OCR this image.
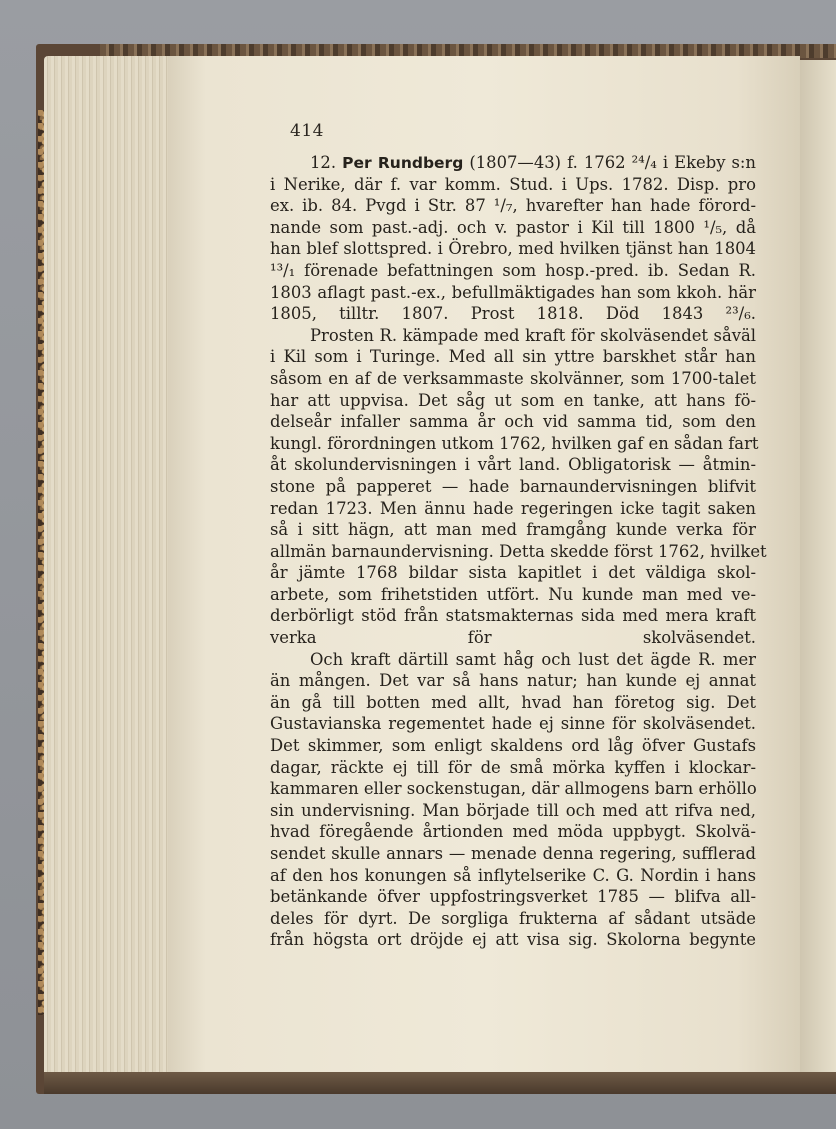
414
12. Per Rundberg (1807—43) f. 1762 ²⁴/₄ i Ekeby s:n
i Nerike, där f. var komm. Stud. i Ups. 1782. Disp. pro
ex. ib. 84. Pvgd i Str. 87 ¹/₇, hvarefter han hade förord-
nande som past.-adj. och v. pastor i Kil till 1800 ¹/₅, då
han blef slottspred. i Örebro, med hvilken tjänst han 1804
¹³/₁ förenade befattningen som hosp.-pred. ib. Sedan R.
1803 aflagt past.-ex., befullmäktigades han som kkoh. här
1805, tilltr. 1807. Prost 1818. Död 1843 ²³/₆.
Prosten R. kämpade med kraft för skolväsendet såväl
i Kil som i Turinge. Med all sin yttre barskhet står han
såsom en af de verksammaste skolvänner, som 1700-talet
har att uppvisa. Det såg ut som en tanke, att hans fö-
delseår infaller samma år och vid samma tid, som den
kungl. förordningen utkom 1762, hvilken gaf en sådan fart
åt skolundervisningen i vårt land. Obligatorisk — åtmin-
stone på papperet — hade barnaundervisningen blifvit
redan 1723. Men ännu hade regeringen icke tagit saken
så i sitt hägn, att man med framgång kunde verka för
allmän barnaundervisning. Detta skedde först 1762, hvilket
år jämte 1768 bildar sista kapitlet i det väldiga skol-
arbete, som frihetstiden utfört. Nu kunde man med ve-
derbörligt stöd från statsmakternas sida med mera kraft
verka för skolväsendet.
Och kraft därtill samt håg och lust det ägde R. mer
än mången. Det var så hans natur; han kunde ej annat
än gå till botten med allt, hvad han företog sig. Det
Gustavianska regementet hade ej sinne för skolväsendet.
Det skimmer, som enligt skaldens ord låg öfver Gustafs
dagar, räckte ej till för de små mörka kyffen i klockar-
kammaren eller sockenstugan, där allmogens barn erhöllo
sin undervisning. Man började till och med att rifva ned,
hvad föregående årtionden med möda uppbygt. Skolvä-
sendet skulle annars — menade denna regering, sufflerad
af den hos konungen så inflytelserike C. G. Nordin i hans
betänkande öfver uppfostringsverket 1785 — blifva all-
deles för dyrt. De sorgliga frukterna af sådant utsäde
från högsta ort dröjde ej att visa sig. Skolorna begynte
